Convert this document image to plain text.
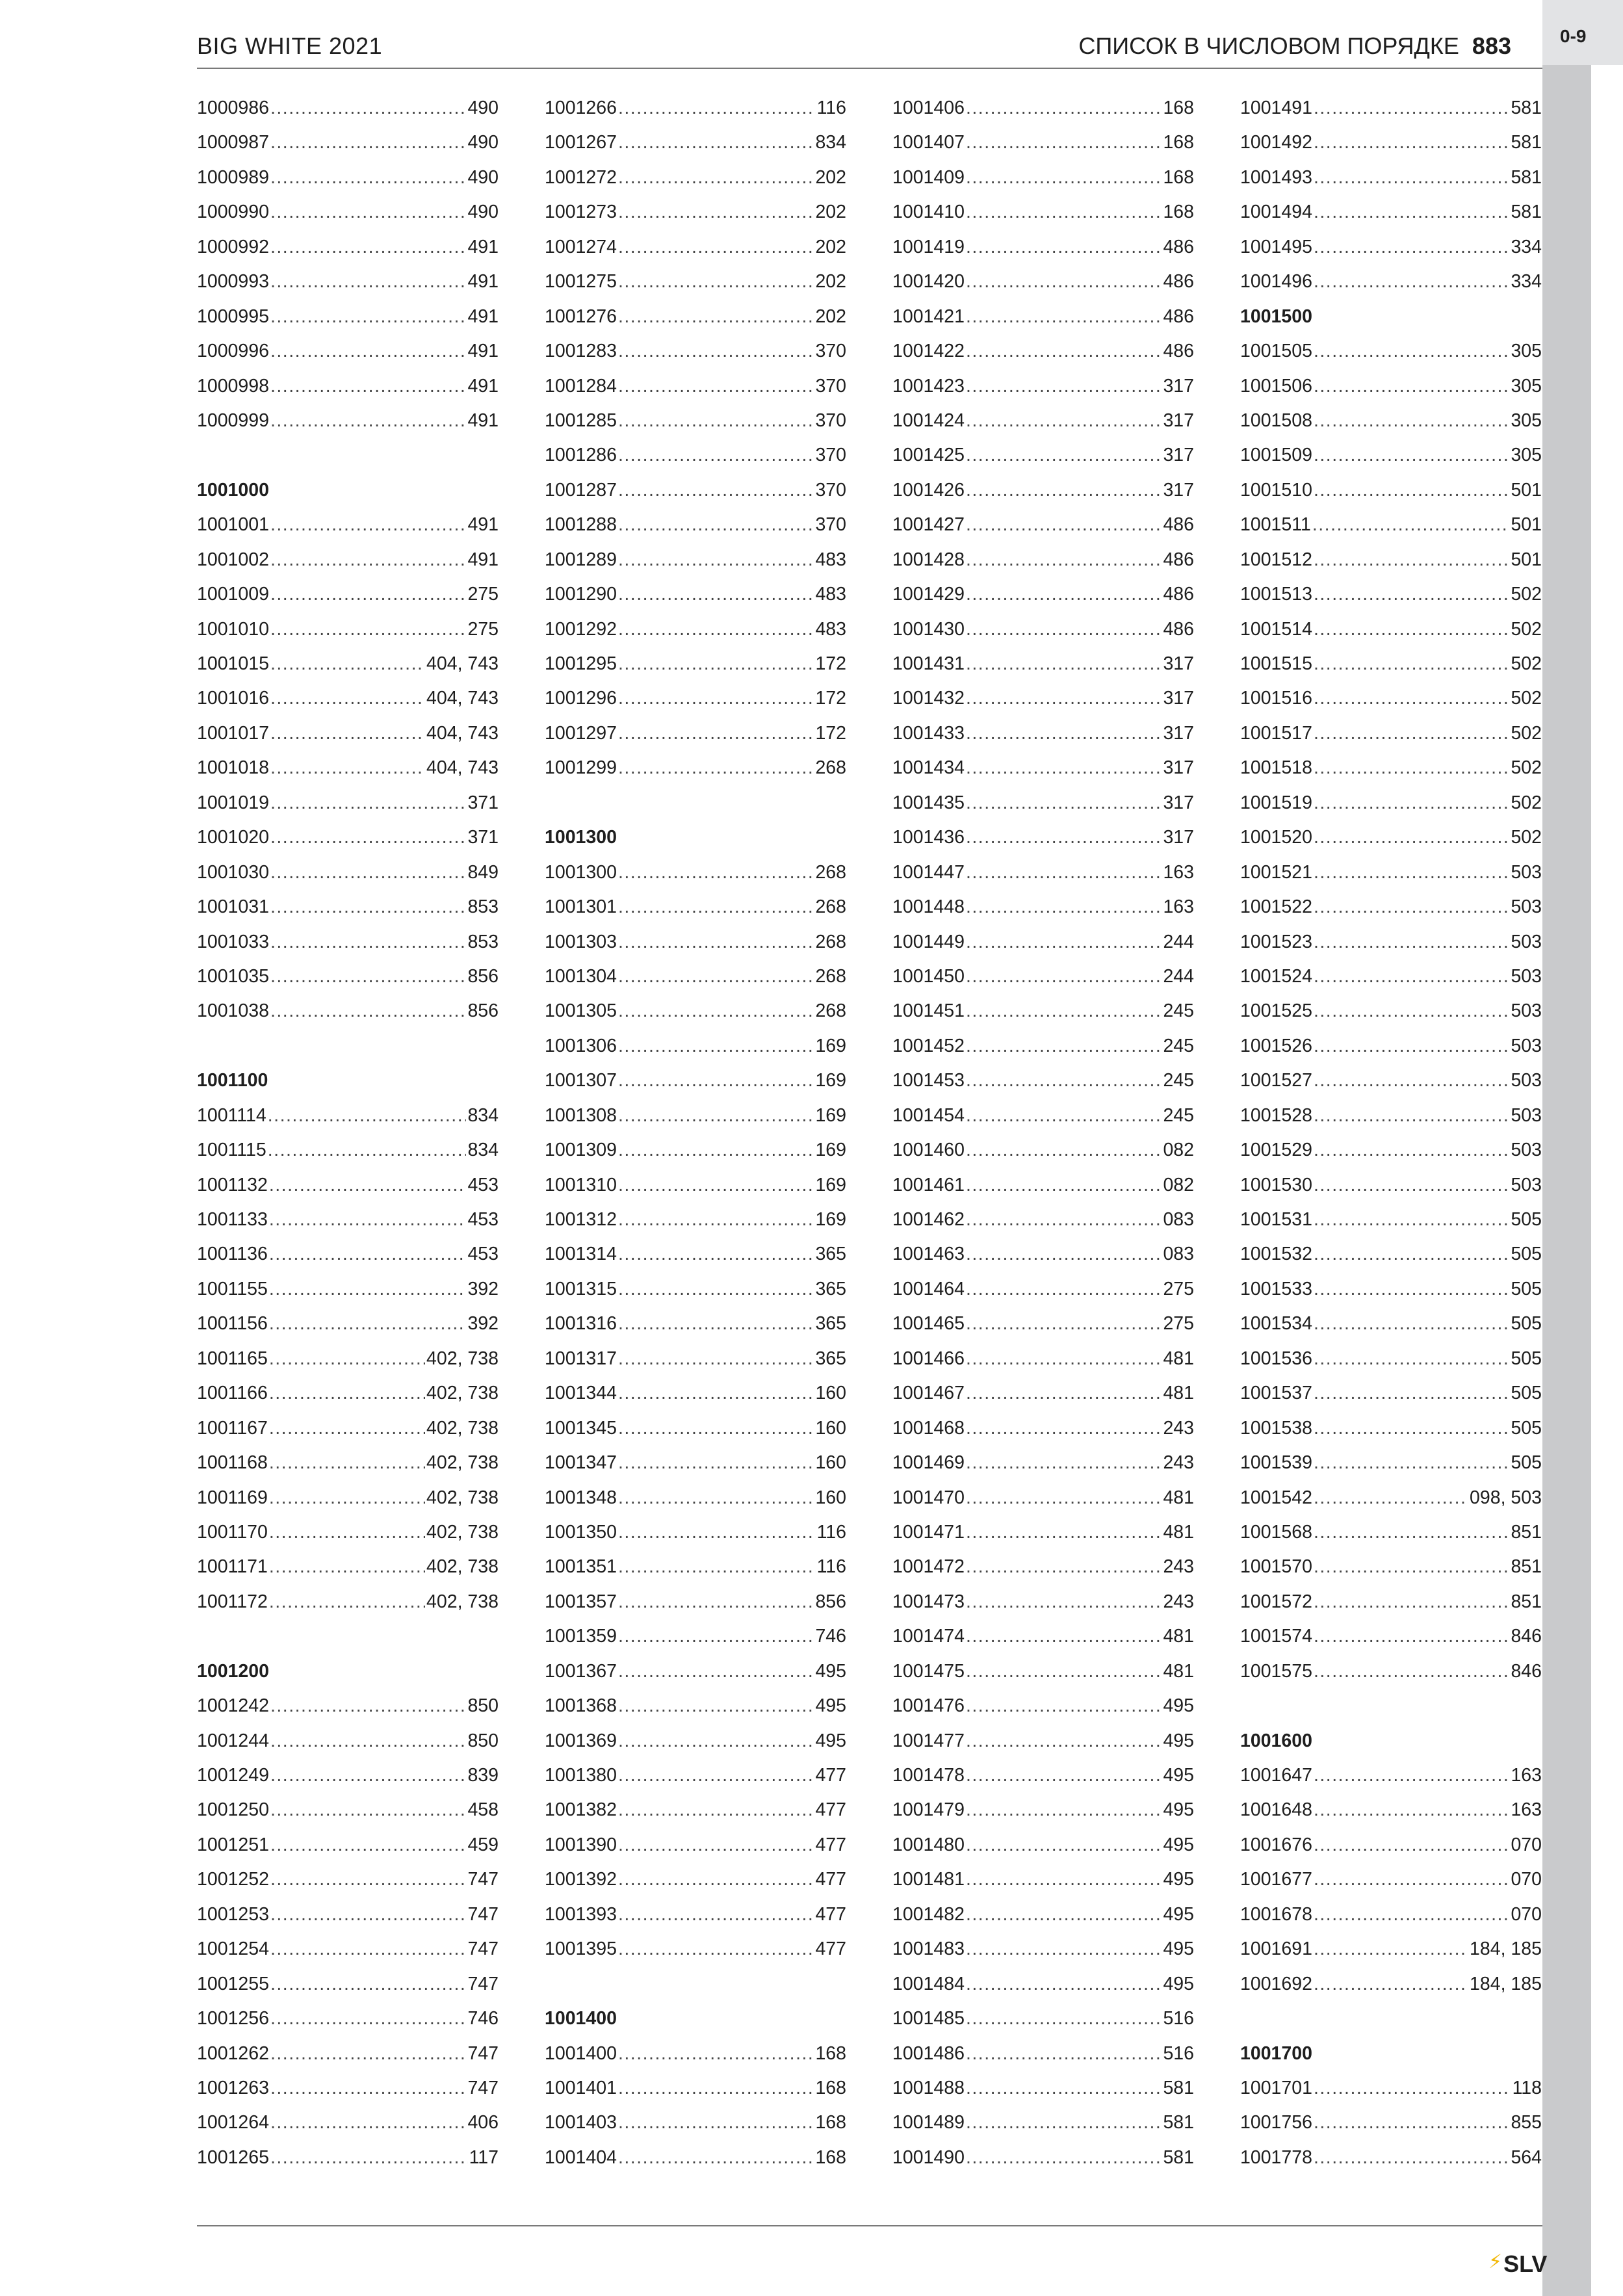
0-9
BIG WHITE 2021	СПИСОК В ЧИСЛОВОМ ПОРЯДКЕ 883
1000986 .....	490
1000987 .....	490
1000989 .....	490
1000990 .....	490
1000992 .....	491
1000993 .....	491
1000995 .....	491
1000996 .....	491
1000998 .....	491
1000999 .....	491
1001000
1001001 .....	491
1001002 .....	491
1001009 .....	275
1001010 .....	275
1001015 .....	404, 743
1001016 .....	404, 743
1001017 .....	404, 743
1001018 .....	404, 743
1001019 .....	371
1001020 .....	371
1001030 .....	849
1001031 .....	853
1001033 .....	853
1001035 .....	856
1001038 .....	856
1001100
1001114 .....	834
1001115 .....	834
1001132 .....	453
1001133 .....	453
1001136 .....	453
1001155 .....	392
1001156 .....	392
1001165 .....	402, 738
1001166 .....	402, 738
1001167 .....	402, 738
1001168 .....	402, 738
1001169 .....	402, 738
1001170 .....	402, 738
1001171 .....	402, 738
1001172 .....	402, 738
1001200
1001242 .....	850
1001244 .....	850
1001249 .....	839
1001250 .....	458
1001251 .....	459
1001252 .....	747
1001253 .....	747
1001254 .....	747
1001255 .....	747
1001256 .....	746
1001262 .....	747
1001263 .....	747
1001264 .....	406
1001265 .....	117
1001266 .....	116
1001267 .....	834
1001272 .....	202
1001273 .....	202
1001274 .....	202
1001275 .....	202
1001276 .....	202
1001283 .....	370
1001284 .....	370
1001285 .....	370
1001286 .....	370
1001287 .....	370
1001288 .....	370
1001289 .....	483
1001290 .....	483
1001292 .....	483
1001295 .....	172
1001296 .....	172
1001297 .....	172
1001299 .....	268
1001300
1001300 .....	268
1001301 .....	268
1001303 .....	268
1001304 .....	268
1001305 .....	268
1001306 .....	169
1001307 .....	169
1001308 .....	169
1001309 .....	169
1001310 .....	169
1001312 .....	169
1001314 .....	365
1001315 .....	365
1001316 .....	365
1001317 .....	365
1001344 .....	160
1001345 .....	160
1001347 .....	160
1001348 .....	160
1001350 .....	116
1001351 .....	116
1001357 .....	856
1001359 .....	746
1001367 .....	495
1001368 .....	495
1001369 .....	495
1001380 .....	477
1001382 .....	477
1001390 .....	477
1001392 .....	477
1001393 .....	477
1001395 .....	477
1001400
1001400 .....	168
1001401 .....	168
1001403 .....	168
1001404 .....	168
1001406 .....	168
1001407 .....	168
1001409 .....	168
1001410 .....	168
1001419 .....	486
1001420 .....	486
1001421 .....	486
1001422 .....	486
1001423 .....	317
1001424 .....	317
1001425 .....	317
1001426 .....	317
1001427 .....	486
1001428 .....	486
1001429 .....	486
1001430 .....	486
1001431 .....	317
1001432 .....	317
1001433 .....	317
1001434 .....	317
1001435 .....	317
1001436 .....	317
1001447 .....	163
1001448 .....	163
1001449 .....	244
1001450 .....	244
1001451 .....	245
1001452 .....	245
1001453 .....	245
1001454 .....	245
1001460 .....	082
1001461 .....	082
1001462 .....	083
1001463 .....	083
1001464 .....	275
1001465 .....	275
1001466 .....	481
1001467 .....	481
1001468 .....	243
1001469 .....	243
1001470 .....	481
1001471 .....	481
1001472 .....	243
1001473 .....	243
1001474 .....	481
1001475 .....	481
1001476 .....	495
1001477 .....	495
1001478 .....	495
1001479 .....	495
1001480 .....	495
1001481 .....	495
1001482 .....	495
1001483 .....	495
1001484 .....	495
1001485 .....	516
1001486 .....	516
1001488 .....	581
1001489 .....	581
1001490 .....	581
1001491 .....	581
1001492 .....	581
1001493 .....	581
1001494 .....	581
1001495 .....	334
1001496 .....	334
1001500
1001505 .....	305
1001506 .....	305
1001508 .....	305
1001509 .....	305
1001510 .....	501
1001511 .....	501
1001512 .....	501
1001513 .....	502
1001514 .....	502
1001515 .....	502
1001516 .....	502
1001517 .....	502
1001518 .....	502
1001519 .....	502
1001520 .....	502
1001521 .....	503
1001522 .....	503
1001523 .....	503
1001524 .....	503
1001525 .....	503
1001526 .....	503
1001527 .....	503
1001528 .....	503
1001529 .....	503
1001530 .....	503
1001531 .....	505
1001532 .....	505
1001533 .....	505
1001534 .....	505
1001536 .....	505
1001537 .....	505
1001538 .....	505
1001539 .....	505
1001542 .....	098, 503
1001568 .....	851
1001570 .....	851
1001572 .....	851
1001574 .....	846
1001575 .....	846
1001600
1001647 .....	163
1001648 .....	163
1001676 .....	070
1001677 .....	070
1001678 .....	070
1001691 .....	184, 185
1001692 .....	184, 185
1001700
1001701 .....	118
1001756 .....	855
1001778 .....	564
⚡SLV
